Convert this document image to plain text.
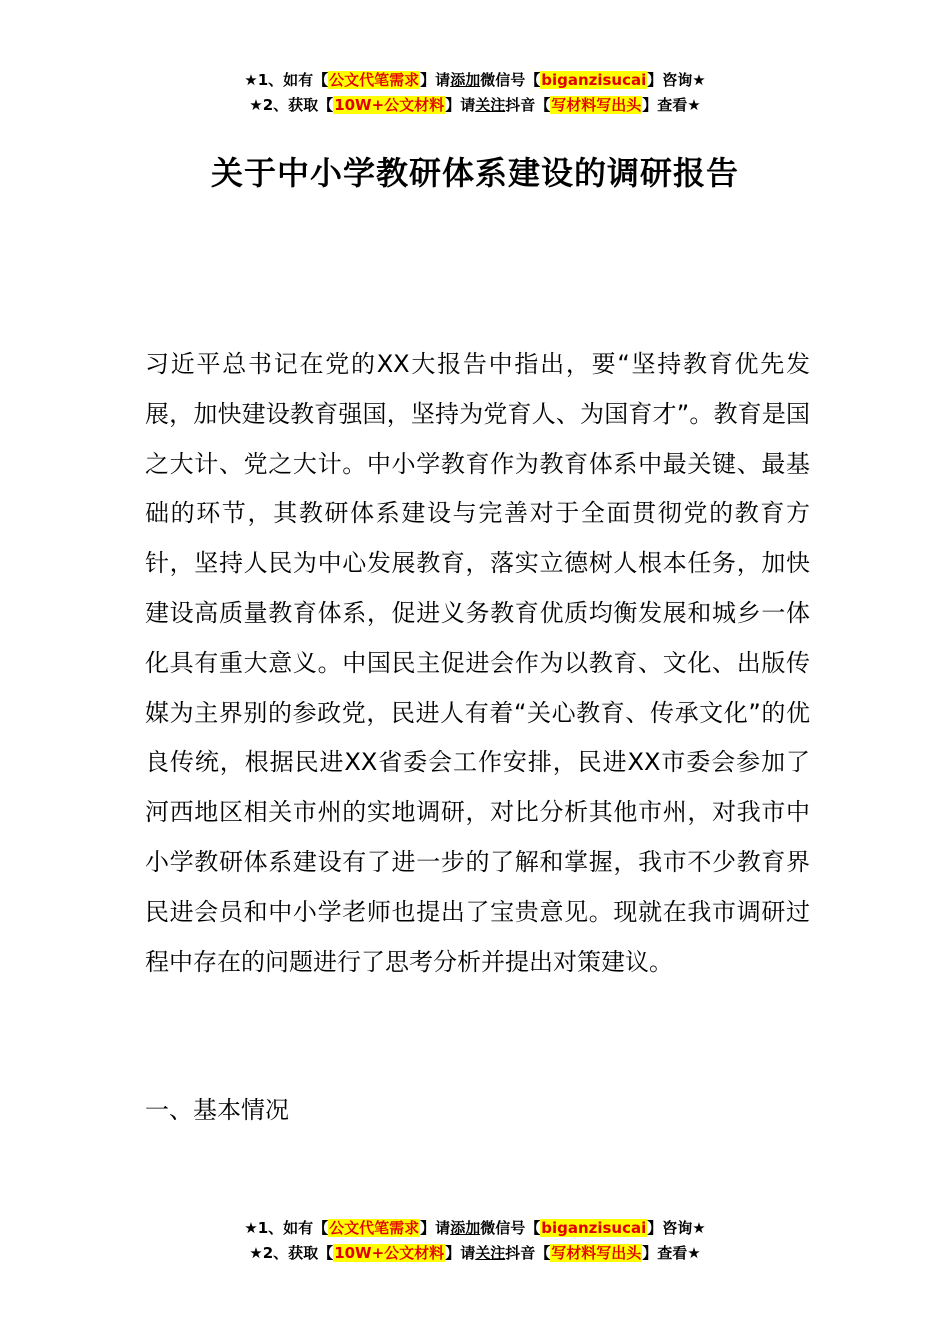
★1、如有【公文代笔需求】请添加微信号【biganzisucai】咨询★
★2、获取【10W+公文材料】请关注抖音【写材料写出头】查看★
关于中小学教研体系建设的调研报告

习近平总书记在党的XX大报告中指出，要“坚持教育优先发展，加快建设教育强国，坚持为党育人、为国育才”。教育是国之大计、党之大计。中小学教育作为教育体系中最关键、最基础的环节，其教研体系建设与完善对于全面贯彻党的教育方针，坚持人民为中心发展教育，落实立德树人根本任务，加快建设高质量教育体系，促进义务教育优质均衡发展和城乡一体化具有重大意义。中国民主促进会作为以教育、文化、出版传媒为主界别的参政党，民进人有着“关心教育、传承文化”的优良传统，根据民进XX省委会工作安排，民进XX市委会参加了河西地区相关市州的实地调研，对比分析其他市州，对我市中小学教研体系建设有了进一步的了解和掌握，我市不少教育界民进会员和中小学老师也提出了宝贵意见。现就在我市调研过程中存在的问题进行了思考分析并提出对策建议。

一、基本情况
★1、如有【公文代笔需求】请添加微信号【biganzisucai】咨询★
★2、获取【10W+公文材料】请关注抖音【写材料写出头】查看★
